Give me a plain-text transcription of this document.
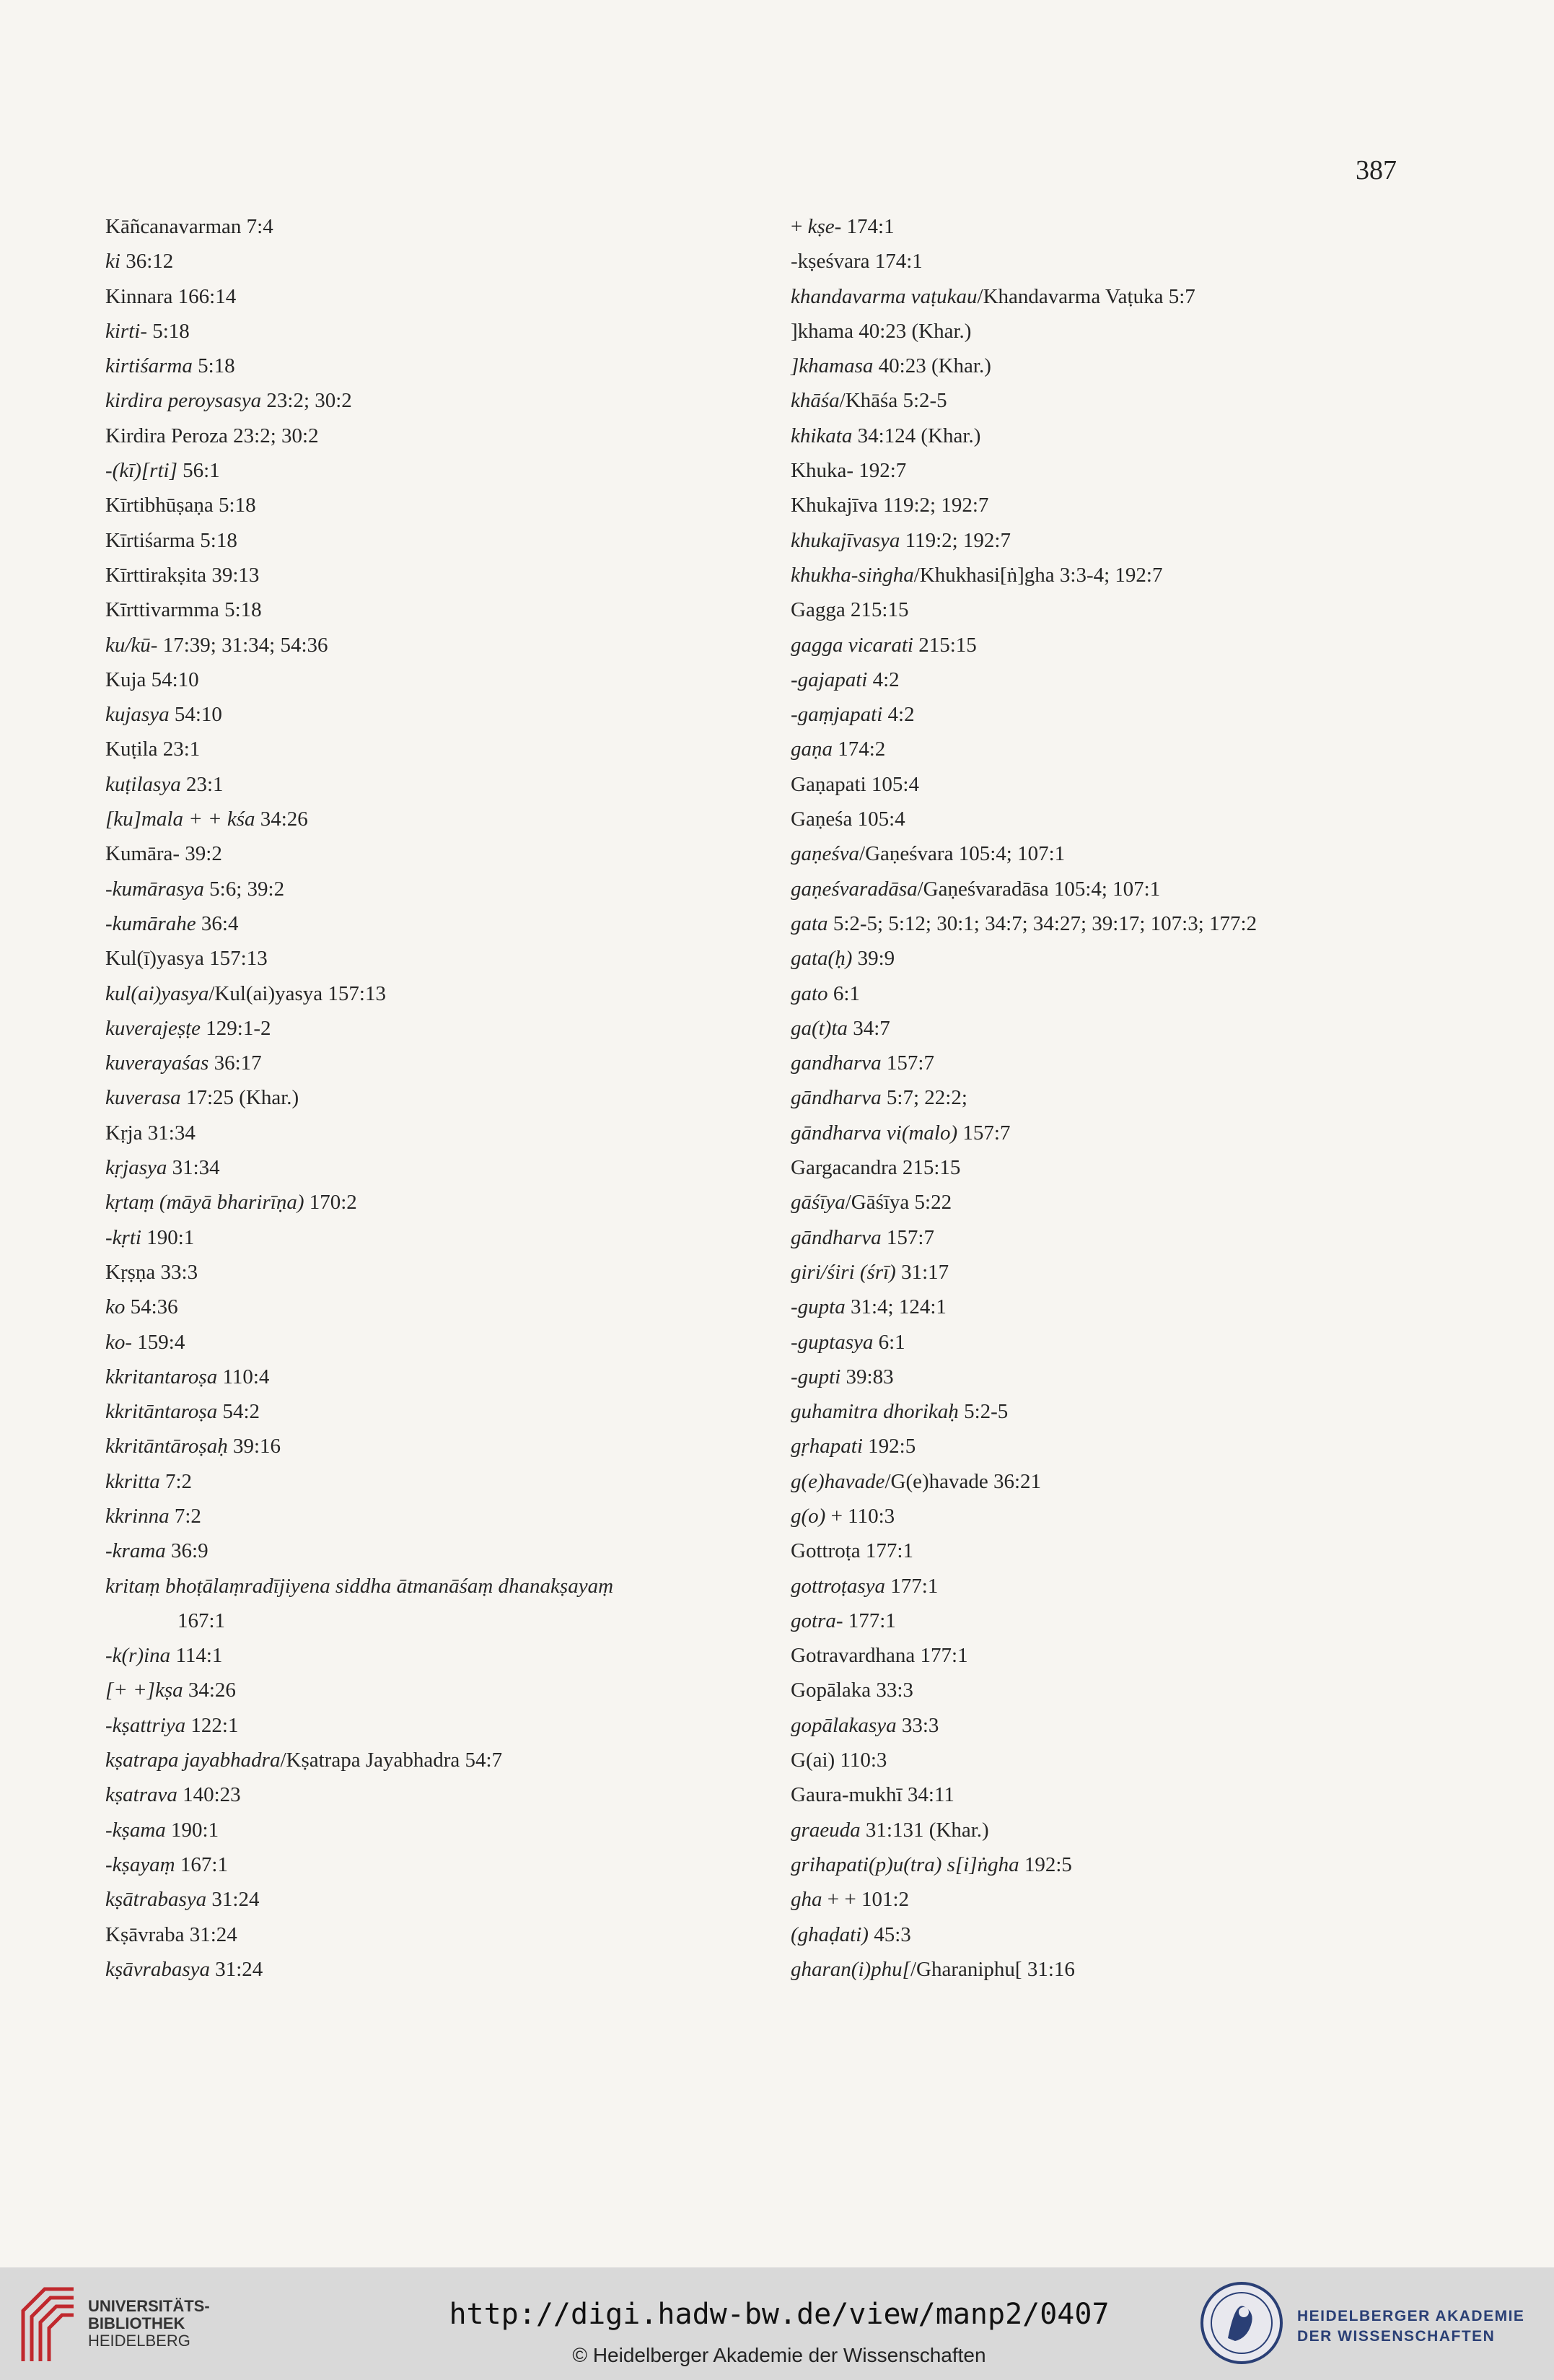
387
Kāñcanavarman 7:4
ki 36:12
Kinnara 166:14
kirti- 5:18
kirtiśarma 5:18
kirdira peroysasya 23:2; 30:2
Kirdira Peroza 23:2; 30:2
-(kī)[rti] 56:1
Kīrtibhūṣaṇa 5:18
Kīrtiśarma 5:18
Kīrttirakṣita 39:13
Kīrttivarmma 5:18
ku/kū- 17:39; 31:34; 54:36
Kuja 54:10
kujasya 54:10
Kuṭila 23:1
kuṭilasya 23:1
[ku]mala + + kśa 34:26
Kumāra- 39:2
-kumārasya 5:6; 39:2
-kumārahe 36:4
Kul(ī)yasya 157:13
kul(ai)yasya/Kul(ai)yasya 157:13
kuverajeṣṭe 129:1-2
kuverayaśas 36:17
kuverasa 17:25 (Khar.)
Kṛja 31:34
kṛjasya 31:34
kṛtaṃ (māyā bharirīṇa) 170:2
-kṛti 190:1
Kṛṣṇa 33:3
ko 54:36
ko- 159:4
kkritantaroṣa 110:4
kkritāntaroṣa 54:2
kkritāntāroṣaḥ 39:16
kkritta 7:2
kkrinna 7:2
-krama 36:9
kritaṃ bhoṭālaṃradījiyena siddha ātmanāśaṃ dhanakṣayaṃ
167:1
-k(r)ina 114:1
[+ +]kṣa 34:26
-kṣattriya 122:1
kṣatrapa jayabhadra/Kṣatrapa Jayabhadra 54:7
kṣatrava 140:23
-kṣama 190:1
-kṣayaṃ 167:1
kṣātrabasya 31:24
Kṣāvraba 31:24
kṣāvrabasya 31:24
+ kṣe- 174:1
-kṣeśvara 174:1
khandavarma vaṭukau/Khandavarma Vaṭuka 5:7
]khama 40:23 (Khar.)
]khamasa 40:23 (Khar.)
khāśa/Khāśa 5:2-5
khikata 34:124 (Khar.)
Khuka- 192:7
Khukajīva 119:2; 192:7
khukajīvasya 119:2; 192:7
khukha-siṅgha/Khukhasi[ṅ]gha 3:3-4; 192:7
Gagga 215:15
gagga vicarati 215:15
-gajapati 4:2
-gaṃjapati 4:2
gaṇa 174:2
Gaṇapati 105:4
Gaṇeśa 105:4
gaṇeśva/Gaṇeśvara 105:4; 107:1
gaṇeśvaradāsa/Gaṇeśvaradāsa 105:4; 107:1
gata 5:2-5; 5:12; 30:1; 34:7; 34:27; 39:17; 107:3; 177:2
gata(ḥ) 39:9
gato 6:1
ga(t)ta 34:7
gandharva 157:7
gāndharva 5:7; 22:2;
gāndharva vi(malo) 157:7
Gargacandra 215:15
gāśīya/Gāśīya 5:22
gāndharva 157:7
giri/śiri (śrī) 31:17
-gupta 31:4; 124:1
-guptasya 6:1
-gupti 39:83
guhamitra dhorikaḥ 5:2-5
gṛhapati 192:5
g(e)havade/G(e)havade 36:21
g(o) + 110:3
Gottroṭa 177:1
gottroṭasya 177:1
gotra- 177:1
Gotravardhana 177:1
Gopālaka 33:3
gopālakasya 33:3
G(ai) 110:3
Gaura-mukhī 34:11
graeuda 31:131 (Khar.)
grihapati(p)u(tra) s[i]ṅgha 192:5
gha + + 101:2
(ghaḍati) 45:3
gharan(i)phu[/Gharaniphu[ 31:16
UNIVERSITÄTS-
BIBLIOTHEK
HEIDELBERG
http://digi.hadw-bw.de/view/manp2/0407
© Heidelberger Akademie der Wissenschaften
HEIDELBERGER AKADEMIE
DER WISSENSCHAFTEN
